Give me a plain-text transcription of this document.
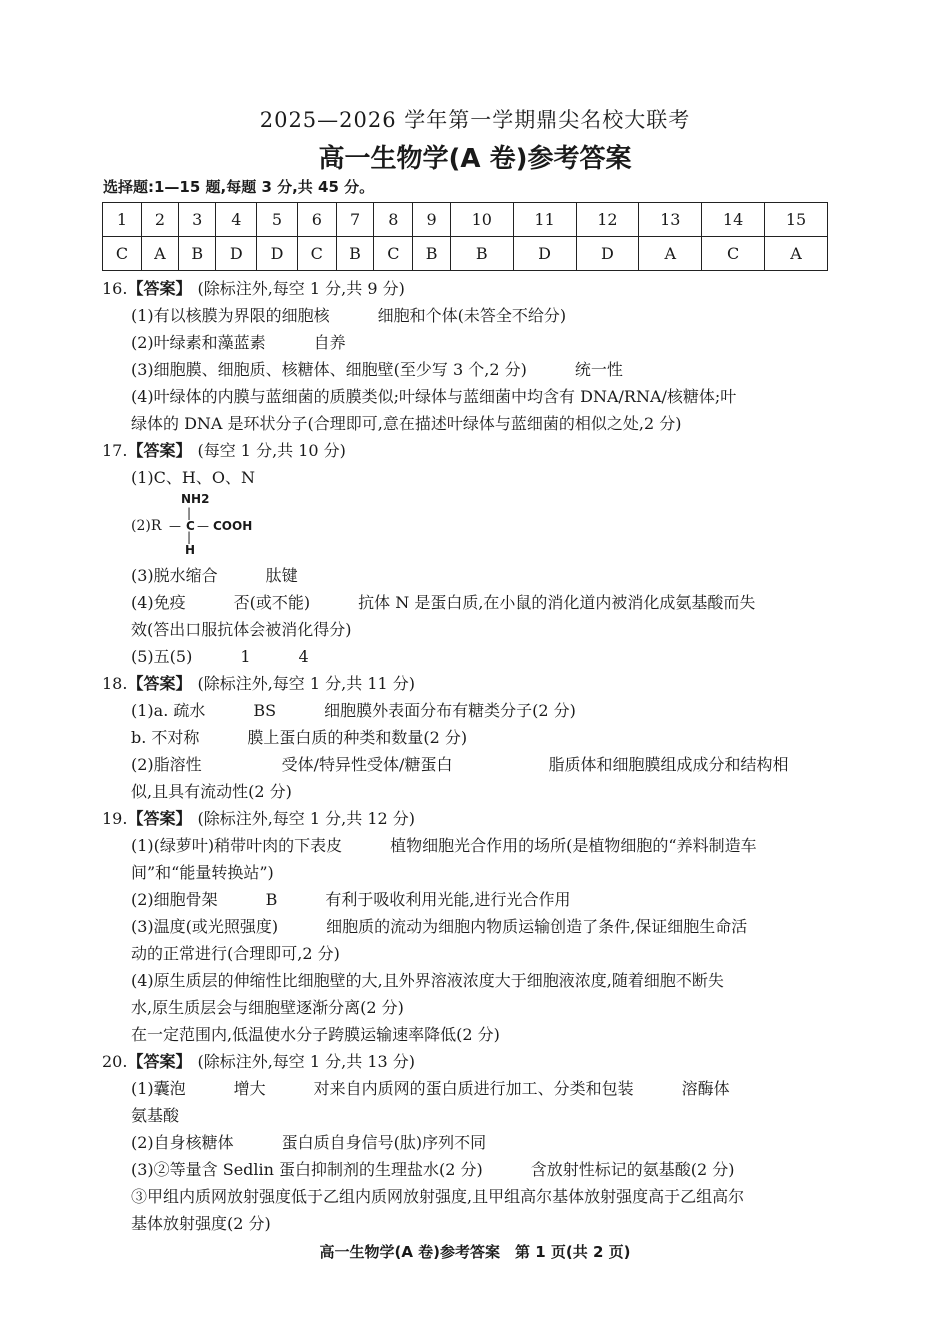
2025—2026 学年第一学期鼎尖名校大联考
高一生物学(A 卷)参考答案
选择题:1—15 题,每题 3 分,共 45 分。
1	2	3	4	5	6	7	8	9	10	11	12	13	14	15
C	A	B	D	D	C	B	C	B	B	D	D	A	C	A
16.【答案】 (除标注外,每空 1 分,共 9 分)
(1)有以核膜为界限的细胞核　　　细胞和个体(未答全不给分)
(2)叶绿素和藻蓝素　　　自养
(3)细胞膜、细胞质、核糖体、细胞壁(至少写 3 个,2 分)　　　统一性
(4)叶绿体的内膜与蓝细菌的质膜类似;叶绿体与蓝细菌中均含有 DNA/RNA/核糖体;叶
绿体的 DNA 是环状分子(合理即可,意在描述叶绿体与蓝细菌的相似之处,2 分)
17.【答案】 (每空 1 分,共 10 分)
(1)C、H、O、N
(3)脱水缩合　　　肽键
(4)免疫　　　否(或不能)　　　抗体 N 是蛋白质,在小鼠的消化道内被消化成氨基酸而失
效(答出口服抗体会被消化得分)
(5)五(5)　　　1　　　4
18.【答案】 (除标注外,每空 1 分,共 11 分)
(1)a. 疏水　　　BS　　　细胞膜外表面分布有糖类分子(2 分)
b. 不对称　　　膜上蛋白质的种类和数量(2 分)
(2)脂溶性　　　　　受体/特异性受体/糖蛋白　　　　　　脂质体和细胞膜组成成分和结构相
似,且具有流动性(2 分)
19.【答案】 (除标注外,每空 1 分,共 12 分)
(1)(绿萝叶)稍带叶肉的下表皮　　　植物细胞光合作用的场所(是植物细胞的“养料制造车
间”和“能量转换站”)
(2)细胞骨架　　　B　　　有利于吸收利用光能,进行光合作用
(3)温度(或光照强度)　　　细胞质的流动为细胞内物质运输创造了条件,保证细胞生命活
动的正常进行(合理即可,2 分)
(4)原生质层的伸缩性比细胞壁的大,且外界溶液浓度大于细胞液浓度,随着细胞不断失
水,原生质层会与细胞壁逐渐分离(2 分)
在一定范围内,低温使水分子跨膜运输速率降低(2 分)
20.【答案】 (除标注外,每空 1 分,共 13 分)
(1)囊泡　　　增大　　　对来自内质网的蛋白质进行加工、分类和包装　　　溶酶体
氨基酸
(2)自身核糖体　　　蛋白质自身信号(肽)序列不同
(3)②等量含 Sedlin 蛋白抑制剂的生理盐水(2 分)　　　含放射性标记的氨基酸(2 分)
③甲组内质网放射强度低于乙组内质网放射强度,且甲组高尔基体放射强度高于乙组高尔
基体放射强度(2 分)
NH2
|
(2)R — C — COOH
|
H
高一生物学(A 卷)参考答案　第 1 页(共 2 页)
